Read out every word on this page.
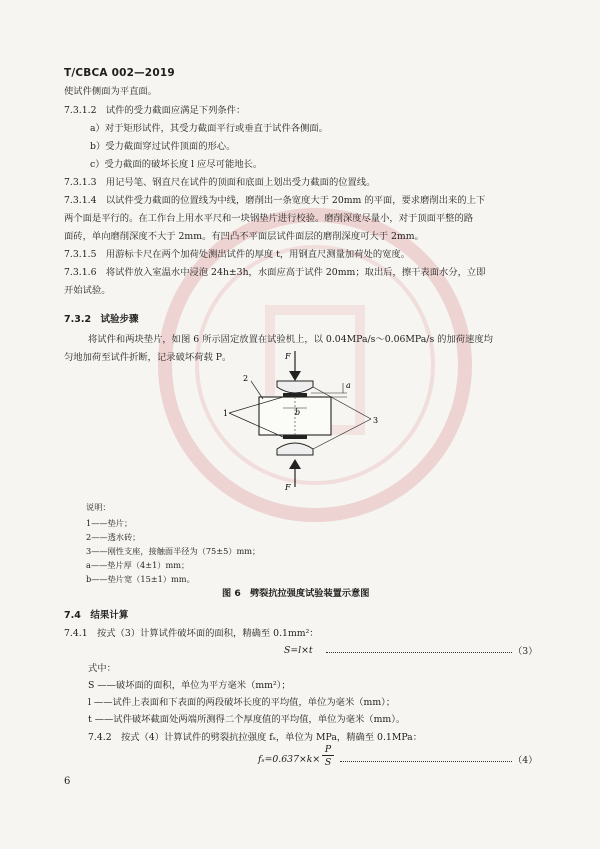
T/CBCA 002—2019
使试件侧面为平直面。
7.3.1.2　试件的受力截面应满足下列条件：
a）对于矩形试件，其受力截面平行或垂直于试件各侧面。
b）受力截面穿过试件顶面的形心。
c）受力截面的破坏长度 l 应尽可能地长。
7.3.1.3　用记号笔、钢直尺在试件的顶面和底面上划出受力截面的位置线。
7.3.1.4　以试件受力截面的位置线为中线，磨削出一条宽度大于 20mm 的平面，要求磨削出来的上下
两个面是平行的。在工作台上用水平尺和一块钢垫片进行校验。磨削深度尽量小，对于顶面平整的路
面砖，单向磨削深度不大于 2mm。有凹凸不平面层试件面层的磨削深度可大于 2mm。
7.3.1.5　用游标卡尺在两个加荷处测出试件的厚度 t，用钢直尺测量加荷处的宽度。
7.3.1.6　将试件放入室温水中浸泡 24h±3h，水面应高于试件 20mm；取出后，擦干表面水分，立即
开始试验。
7.3.2　试验步骤
将试件和两块垫片，如图 6 所示固定放置在试验机上，以 0.04MPa/s～0.06MPa/s 的加荷速度均
匀地加荷至试件折断，记录破坏荷载 P。	F
F
1
2
3
a
b
说明：
1——垫片；
2——透水砖；
3——刚性支座，接触面半径为（75±5）mm；
a——垫片厚（4±1）mm；
b——垫片宽（15±1）mm。
图 6　劈裂抗拉强度试验装置示意图
7.4　结果计算
7.4.1　按式（3）计算试件破坏面的面积，精确至 0.1mm²：
S=l×t	（3）
式中：
S ——破坏面的面积，单位为平方毫米（mm²）；
l ——试件上表面和下表面的两段破坏长度的平均值，单位为毫米（mm）；
t ——试件破坏截面处两端所测得二个厚度值的平均值，单位为毫米（mm）。
7.4.2　按式（4）计算试件的劈裂抗拉强度 fₛ，单位为 MPa，精确至 0.1MPa：
fₛ=0.637×k×
P
S	（4）
6
